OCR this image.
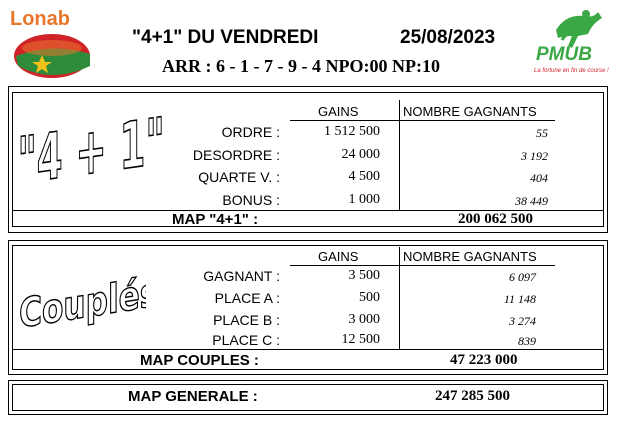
Lonab
"4+1" DU VENDREDI	25/08/2023
ARR : 6 - 1 - 7 - 9 - 4 NPO:00 NP:10
PMUB
La fortune en fin de course !
"4 + 1"	GAINS	NOMBRE GAGNANTS
ORDRE :	1 512 500	55
DESORDRE :	24 000	3 192
QUARTE V. :	4 500	404
BONUS :	1 000	38 449
MAP "4+1" :	200 062 500
Couplés
GAINS	NOMBRE GAGNANTS
GAGNANT :	3 500	6 097
PLACE A :	500	11 148
PLACE B :	3 000	3 274
PLACE C :	12 500	839
MAP COUPLES :	47 223 000
MAP GENERALE :	247 285 500
